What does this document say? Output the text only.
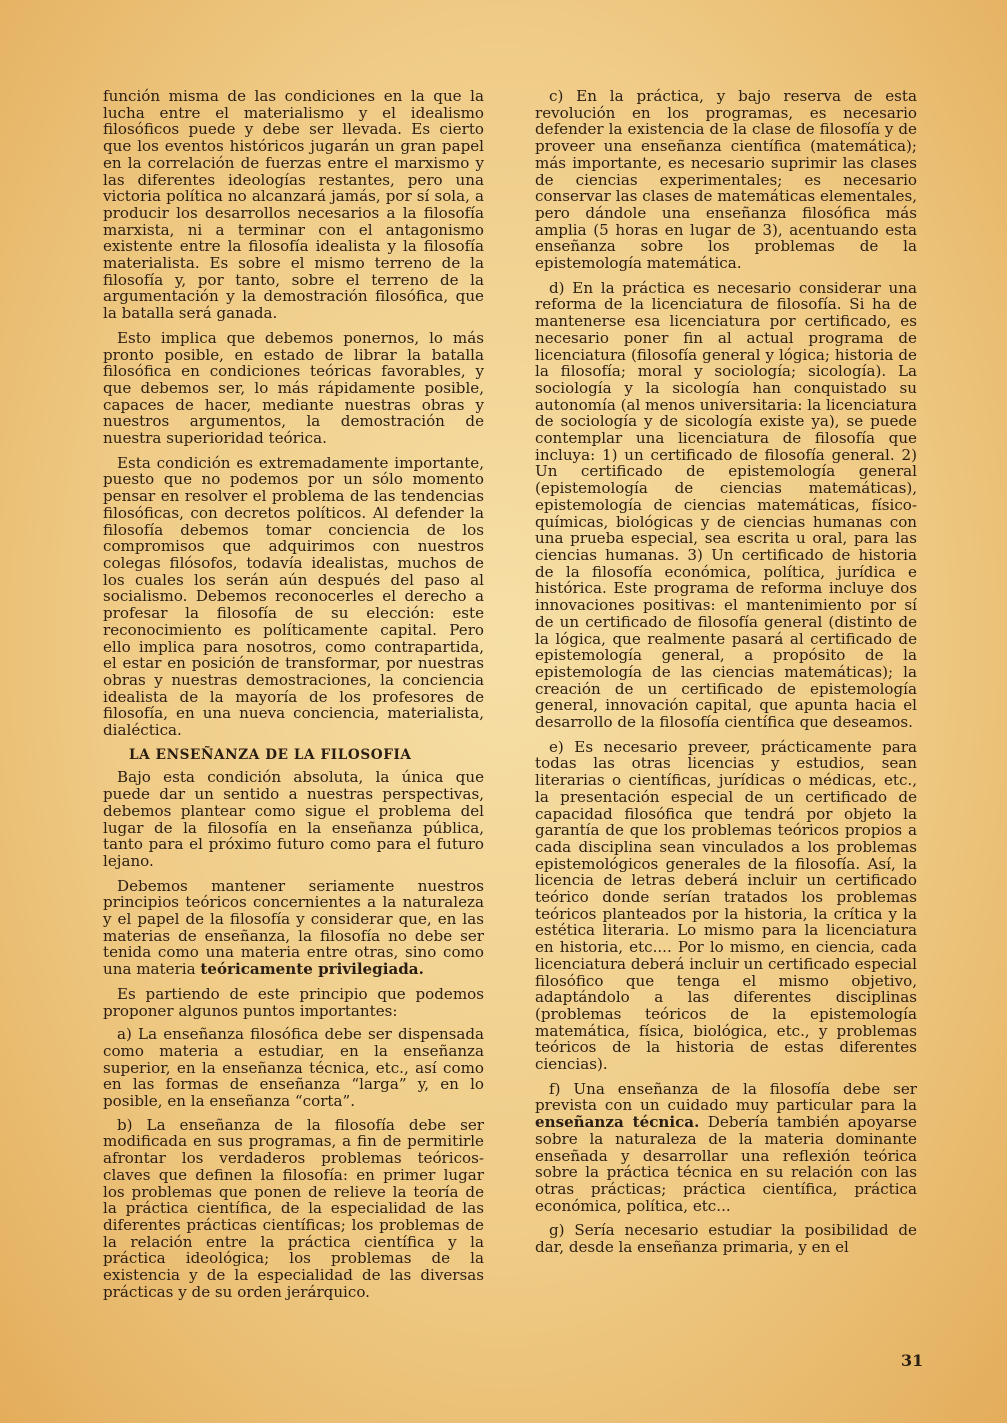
función misma de las condiciones en la que la lucha entre el materialismo y el idealismo filosóficos puede y debe ser llevada. Es cierto que los eventos históricos jugarán un gran papel en la correlación de fuerzas entre el marxismo y las diferentes ideologías restantes, pero una victoria política no alcanzará jamás, por sí sola, a producir los desarrollos necesarios a la filosofía marxista, ni a terminar con el antagonismo existente entre la filosofía idealista y la filosofía materialista. Es sobre el mismo terreno de la filosofía y, por tanto, sobre el terreno de la argumentación y la demostración filosófica, que la batalla será ganada.

Esto implica que debemos ponernos, lo más pronto posible, en estado de librar la batalla filosófica en condiciones teóricas favorables, y que debemos ser, lo más rápidamente posible, capaces de hacer, mediante nuestras obras y nuestros argumentos, la demostración de nuestra superioridad teórica.

Esta condición es extremadamente importante, puesto que no podemos por un sólo momento pensar en resolver el problema de las tendencias filosóficas, con decretos políticos. Al defender la filosofía debemos tomar conciencia de los compromisos que adquirimos con nuestros colegas filósofos, todavía idealistas, muchos de los cuales los serán aún después del paso al socialismo. Debemos reconocerles el derecho a profesar la filosofía de su elección: este reconocimiento es políticamente capital. Pero ello implica para nosotros, como contrapartida, el estar en posición de transformar, por nuestras obras y nuestras demostraciones, la conciencia idealista de la mayoría de los profesores de filosofía, en una nueva conciencia, materialista, dialéctica.

LA ENSEÑANZA DE LA FILOSOFIA

Bajo esta condición absoluta, la única que puede dar un sentido a nuestras perspectivas, debemos plantear como sigue el problema del lugar de la filosofía en la enseñanza pública, tanto para el próximo futuro como para el futuro lejano.

Debemos mantener seriamente nuestros principios teóricos concernientes a la naturaleza y el papel de la filosofía y considerar que, en las materias de enseñanza, la filosofía no debe ser tenida como una materia entre otras, sino como una materia teóricamente privilegiada.

Es partiendo de este principio que podemos proponer algunos puntos importantes:

a) La enseñanza filosófica debe ser dispensada como materia a estudiar, en la enseñanza superior, en la enseñanza técnica, etc., así como en las formas de enseñanza “larga” y, en lo posible, en la enseñanza “corta”.

b) La enseñanza de la filosofía debe ser modificada en sus programas, a fin de permitirle afrontar los verdaderos problemas teóricos-claves que definen la filosofía: en primer lugar los problemas que ponen de relieve la teoría de la práctica científica, de la especialidad de las diferentes prácticas científicas; los problemas de la relación entre la práctica científica y la práctica ideológica; los problemas de la existencia y de la especialidad de las diversas prácticas y de su orden jerárquico.

c) En la práctica, y bajo reserva de esta revolución en los programas, es necesario defender la existencia de la clase de filosofía y de proveer una enseñanza científica (matemática); más importante, es necesario suprimir las clases de ciencias experimentales; es necesario conservar las clases de matemáticas elementales, pero dándole una enseñanza filosófica más amplia (5 horas en lugar de 3), acentuando esta enseñanza sobre los problemas de la epistemología matemática.

d) En la práctica es necesario considerar una reforma de la licenciatura de filosofía. Si ha de mantenerse esa licenciatura por certificado, es necesario poner fin al actual programa de licenciatura (filosofía general y lógica; historia de la filosofía; moral y sociología; sicología). La sociología y la sicología han conquistado su autonomía (al menos universitaria: la licenciatura de sociología y de sicología existe ya), se puede contemplar una licenciatura de filosofía que incluya: 1) un certificado de filosofía general. 2) Un certificado de epistemología general (epistemología de ciencias matemáticas), epistemología de ciencias matemáticas, físico-químicas, biológicas y de ciencias humanas con una prueba especial, sea escrita u oral, para las ciencias humanas. 3) Un certificado de historia de la filosofía económica, política, jurídica e histórica. Este programa de reforma incluye dos innovaciones positivas: el mantenimiento por sí de un certificado de filosofía general (distinto de la lógica, que realmente pasará al certificado de epistemología general, a propósito de la epistemología de las ciencias matemáticas); la creación de un certificado de epistemología general, innovación capital, que apunta hacia el desarrollo de la filosofía científica que deseamos.

e) Es necesario preveer, prácticamente para todas las otras licencias y estudios, sean literarias o científicas, jurídicas o médicas, etc., la presentación especial de un certificado de capacidad filosófica que tendrá por objeto la garantía de que los problemas teóricos propios a cada disciplina sean vinculados a los problemas epistemológicos generales de la filosofía. Así, la licencia de letras deberá incluir un certificado teórico donde serían tratados los problemas teóricos planteados por la historia, la crítica y la estética literaria. Lo mismo para la licenciatura en historia, etc.... Por lo mismo, en ciencia, cada licenciatura deberá incluir un certificado especial filosófico que tenga el mismo objetivo, adaptándolo a las diferentes disciplinas (problemas teóricos de la epistemología matemática, física, biológica, etc., y problemas teóricos de la historia de estas diferentes ciencias).

f) Una enseñanza de la filosofía debe ser prevista con un cuidado muy particular para la enseñanza técnica. Debería también apoyarse sobre la naturaleza de la materia dominante enseñada y desarrollar una reflexión teórica sobre la práctica técnica en su relación con las otras prácticas; práctica científica, práctica económica, política, etc...

g) Sería necesario estudiar la posibilidad de dar, desde la enseñanza primaria, y en el

31
